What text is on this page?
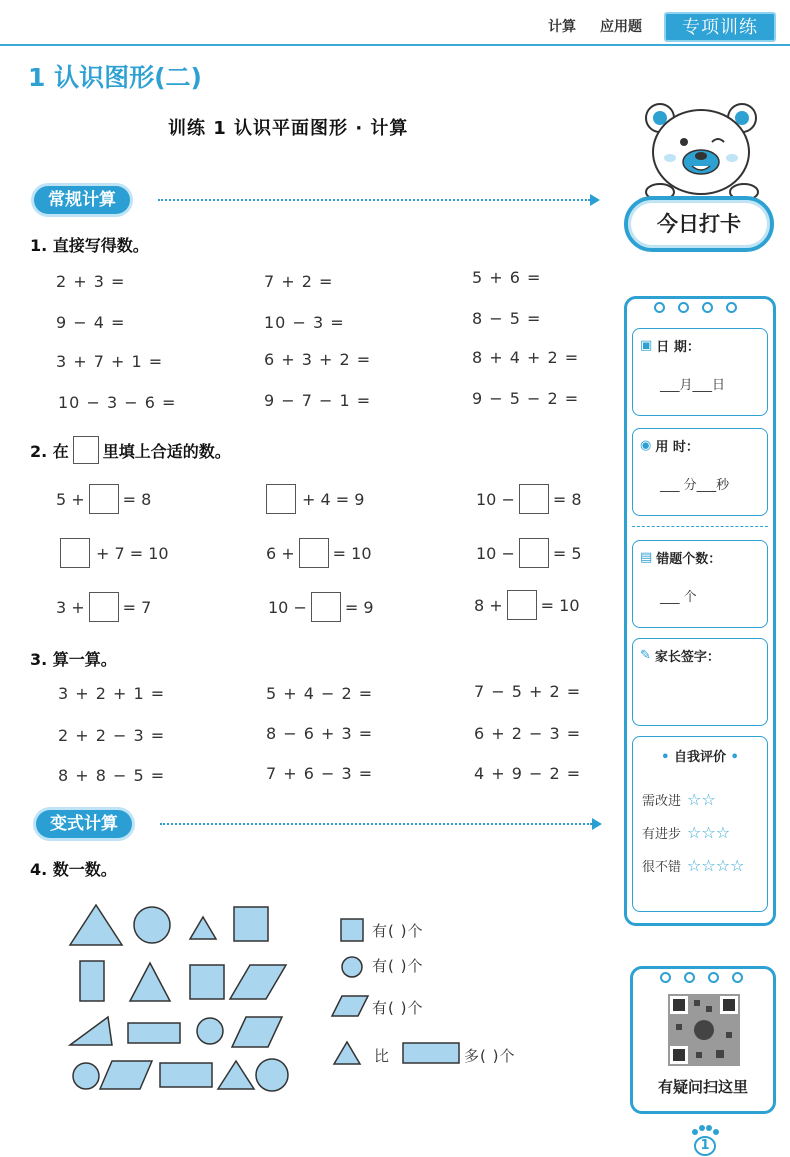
计算 应用题	专项训练
1 认识图形(二)
训练 1 认识平面图形 · 计算
常规计算
1. 直接写得数。
2 + 3 =	7 + 2 =	5 + 6 =
9 − 4 =	10 − 3 =	8 − 5 =
3 + 7 + 1 =	6 + 3 + 2 =	8 + 4 + 2 =
10 − 3 − 6 =	9 − 7 − 1 =	9 − 5 − 2 =
2. 在 里填上合适的数。
5 + = 8	+ 4 = 9	10 − = 8
+ 7 = 10	6 + = 10	10 − = 5
3 + = 7	10 − = 9	8 + = 10
3. 算一算。
3 + 2 + 1 =	5 + 4 − 2 =	7 − 5 + 2 =
2 + 2 − 3 =	8 − 6 + 3 =	6 + 2 − 3 =
8 + 8 − 5 =	7 + 6 − 3 =	4 + 9 − 2 =
变式计算
4. 数一数。
有( )个
有( )个
有( )个
比	多( )个
今日打卡
▣ 日 期：
___月___日
◉ 用 时：
___ 分___秒
▤ 错题个数：
___ 个
✎ 家长签字：
• 自我评价 •
需改进 ☆☆
有进步 ☆☆☆
很不错 ☆☆☆☆
有疑问扫这里
1
